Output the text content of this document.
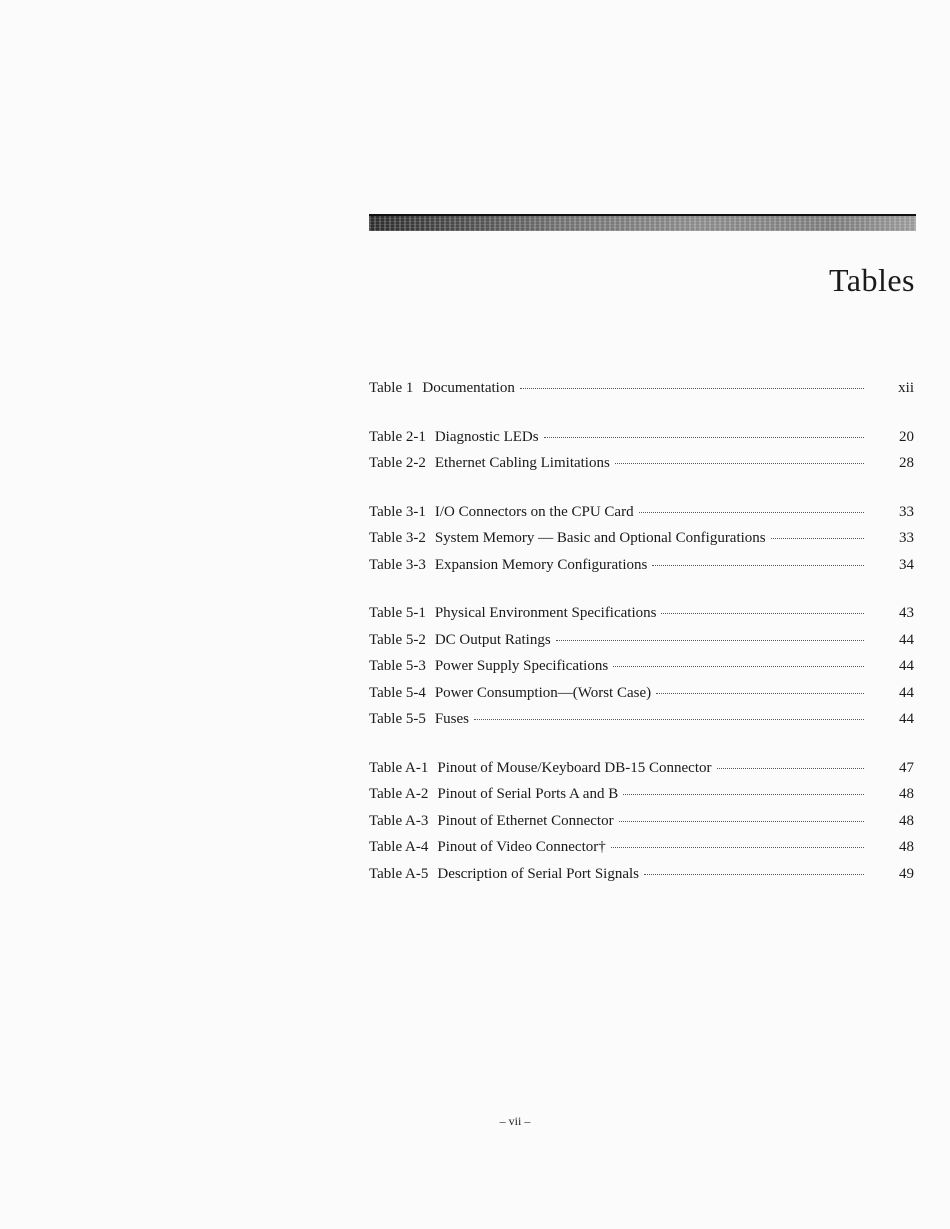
Tables
Table 1 Documentation	xii
Table 2-1 Diagnostic LEDs	20
Table 2-2 Ethernet Cabling Limitations	28
Table 3-1 I/O Connectors on the CPU Card	33
Table 3-2 System Memory — Basic and Optional Configurations	33
Table 3-3 Expansion Memory Configurations	34
Table 5-1 Physical Environment Specifications	43
Table 5-2 DC Output Ratings	44
Table 5-3 Power Supply Specifications	44
Table 5-4 Power Consumption—(Worst Case)	44
Table 5-5 Fuses	44
Table A-1 Pinout of Mouse/Keyboard DB-15 Connector	47
Table A-2 Pinout of Serial Ports A and B	48
Table A-3 Pinout of Ethernet Connector	48
Table A-4 Pinout of Video Connector†	48
Table A-5 Description of Serial Port Signals	49
– vii –
